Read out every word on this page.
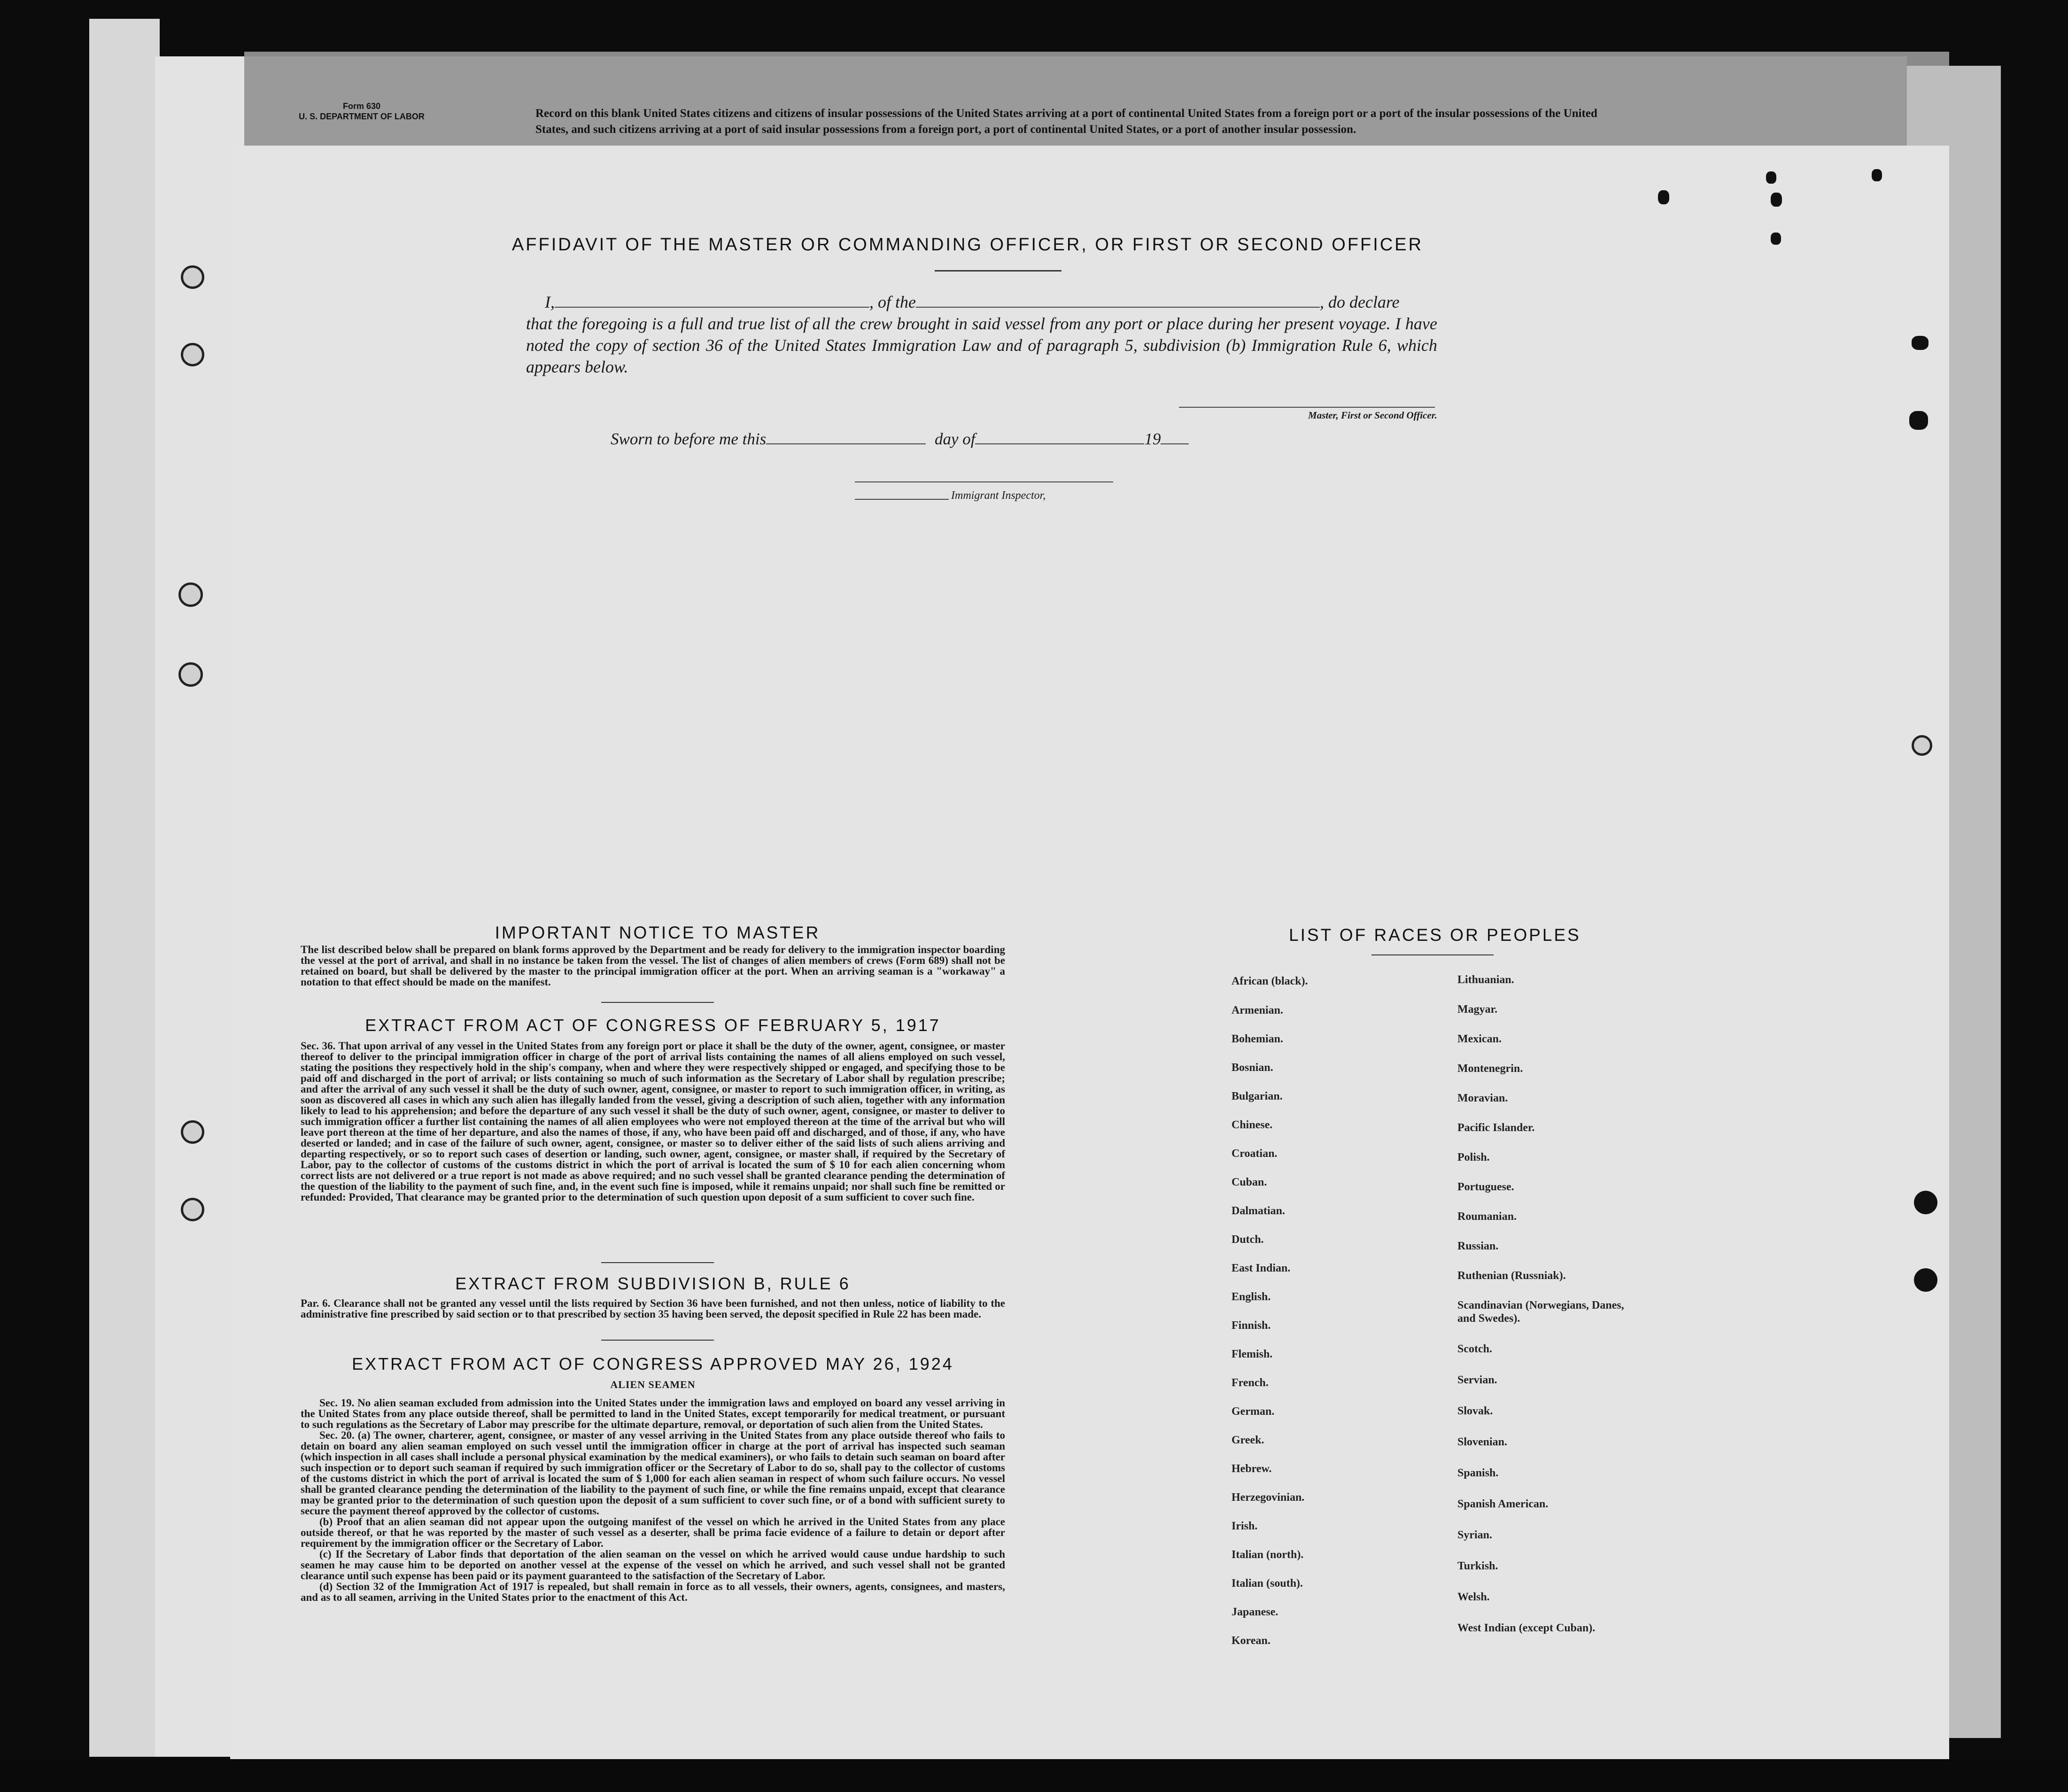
Form 630
U. S. DEPARTMENT OF LABOR	Record on this blank United States citizens and citizens of insular possessions of the United States arriving at a port of continental United States from a foreign port or a port of the insular possessions of the United States, and such citizens arriving at a port of said insular possessions from a foreign port, a port of continental United States, or a port of another insular possession.
AFFIDAVIT OF THE MASTER OR COMMANDING OFFICER, OR FIRST OR SECOND OFFICER
I,	, of the	, do declare
that the foregoing is a full and true list of all the crew brought in said vessel from any port or place during her present voyage. I have noted the copy of section 36 of the United States Immigration Law and of paragraph 5, subdivision (b) Immigration Rule 6, which appears below.
Master, First or Second Officer.
Sworn to before me this	day of	19
Immigrant Inspector,
IMPORTANT NOTICE TO MASTER
The list described below shall be prepared on blank forms approved by the Department and be ready for delivery to the immigration inspector boarding the vessel at the port of arrival, and shall in no instance be taken from the vessel. The list of changes of alien members of crews (Form 689) shall not be retained on board, but shall be delivered by the master to the principal immigration officer at the port. When an arriving seaman is a "workaway" a notation to that effect should be made on the manifest.
EXTRACT FROM ACT OF CONGRESS OF FEBRUARY 5, 1917
Sec. 36. That upon arrival of any vessel in the United States from any foreign port or place it shall be the duty of the owner, agent, consignee, or master thereof to deliver to the principal immigration officer in charge of the port of arrival lists containing the names of all aliens employed on such vessel, stating the positions they respectively hold in the ship's company, when and where they were respectively shipped or engaged, and specifying those to be paid off and discharged in the port of arrival; or lists containing so much of such information as the Secretary of Labor shall by regulation prescribe; and after the arrival of any such vessel it shall be the duty of such owner, agent, consignee, or master to report to such immigration officer, in writing, as soon as discovered all cases in which any such alien has illegally landed from the vessel, giving a description of such alien, together with any information likely to lead to his apprehension; and before the departure of any such vessel it shall be the duty of such owner, agent, consignee, or master to deliver to such immigration officer a further list containing the names of all alien employees who were not employed thereon at the time of the arrival but who will leave port thereon at the time of her departure, and also the names of those, if any, who have been paid off and discharged, and of those, if any, who have deserted or landed; and in case of the failure of such owner, agent, consignee, or master so to deliver either of the said lists of such aliens arriving and departing respectively, or so to report such cases of desertion or landing, such owner, agent, consignee, or master shall, if required by the Secretary of Labor, pay to the collector of customs of the customs district in which the port of arrival is located the sum of $ 10 for each alien concerning whom correct lists are not delivered or a true report is not made as above required; and no such vessel shall be granted clearance pending the determination of the question of the liability to the payment of such fine, and, in the event such fine is imposed, while it remains unpaid; nor shall such fine be remitted or refunded: Provided, That clearance may be granted prior to the determination of such question upon deposit of a sum sufficient to cover such fine.
EXTRACT FROM SUBDIVISION B, RULE 6
Par. 6. Clearance shall not be granted any vessel until the lists required by Section 36 have been furnished, and not then unless, notice of liability to the administrative fine prescribed by said section or to that prescribed by section 35 having been served, the deposit specified in Rule 22 has been made.
EXTRACT FROM ACT OF CONGRESS APPROVED MAY 26, 1924
ALIEN SEAMEN
Sec. 19. No alien seaman excluded from admission into the United States under the immigration laws and employed on board any vessel arriving in the United States from any place outside thereof, shall be permitted to land in the United States, except temporarily for medical treatment, or pursuant to such regulations as the Secretary of Labor may prescribe for the ultimate departure, removal, or deportation of such alien from the United States.
Sec. 20. (a) The owner, charterer, agent, consignee, or master of any vessel arriving in the United States from any place outside thereof who fails to detain on board any alien seaman employed on such vessel until the immigration officer in charge at the port of arrival has inspected such seaman (which inspection in all cases shall include a personal physical examination by the medical examiners), or who fails to detain such seaman on board after such inspection or to deport such seaman if required by such immigration officer or the Secretary of Labor to do so, shall pay to the collector of customs of the customs district in which the port of arrival is located the sum of $ 1,000 for each alien seaman in respect of whom such failure occurs. No vessel shall be granted clearance pending the determination of the liability to the payment of such fine, or while the fine remains unpaid, except that clearance may be granted prior to the determination of such question upon the deposit of a sum sufficient to cover such fine, or of a bond with sufficient surety to secure the payment thereof approved by the collector of customs.
(b) Proof that an alien seaman did not appear upon the outgoing manifest of the vessel on which he arrived in the United States from any place outside thereof, or that he was reported by the master of such vessel as a deserter, shall be prima facie evidence of a failure to detain or deport after requirement by the immigration officer or the Secretary of Labor.
(c) If the Secretary of Labor finds that deportation of the alien seaman on the vessel on which he arrived would cause undue hardship to such seamen he may cause him to be deported on another vessel at the expense of the vessel on which he arrived, and such vessel shall not be granted clearance until such expense has been paid or its payment guaranteed to the satisfaction of the Secretary of Labor.
(d) Section 32 of the Immigration Act of 1917 is repealed, but shall remain in force as to all vessels, their owners, agents, consignees, and masters, and as to all seamen, arriving in the United States prior to the enactment of this Act.
LIST OF RACES OR PEOPLES
African (black).
Armenian.
Bohemian.
Bosnian.
Bulgarian.
Chinese.
Croatian.
Cuban.
Dalmatian.
Dutch.
East Indian.
English.
Finnish.
Flemish.
French.
German.
Greek.
Hebrew.
Herzegovinian.
Irish.
Italian (north).
Italian (south).
Japanese.
Korean.
Lithuanian.
Magyar.
Mexican.
Montenegrin.
Moravian.
Pacific Islander.
Polish.
Portuguese.
Roumanian.
Russian.
Ruthenian (Russniak).
Scandinavian (Norwegians, Danes, and Swedes).
Scotch.
Servian.
Slovak.
Slovenian.
Spanish.
Spanish American.
Syrian.
Turkish.
Welsh.
West Indian (except Cuban).
